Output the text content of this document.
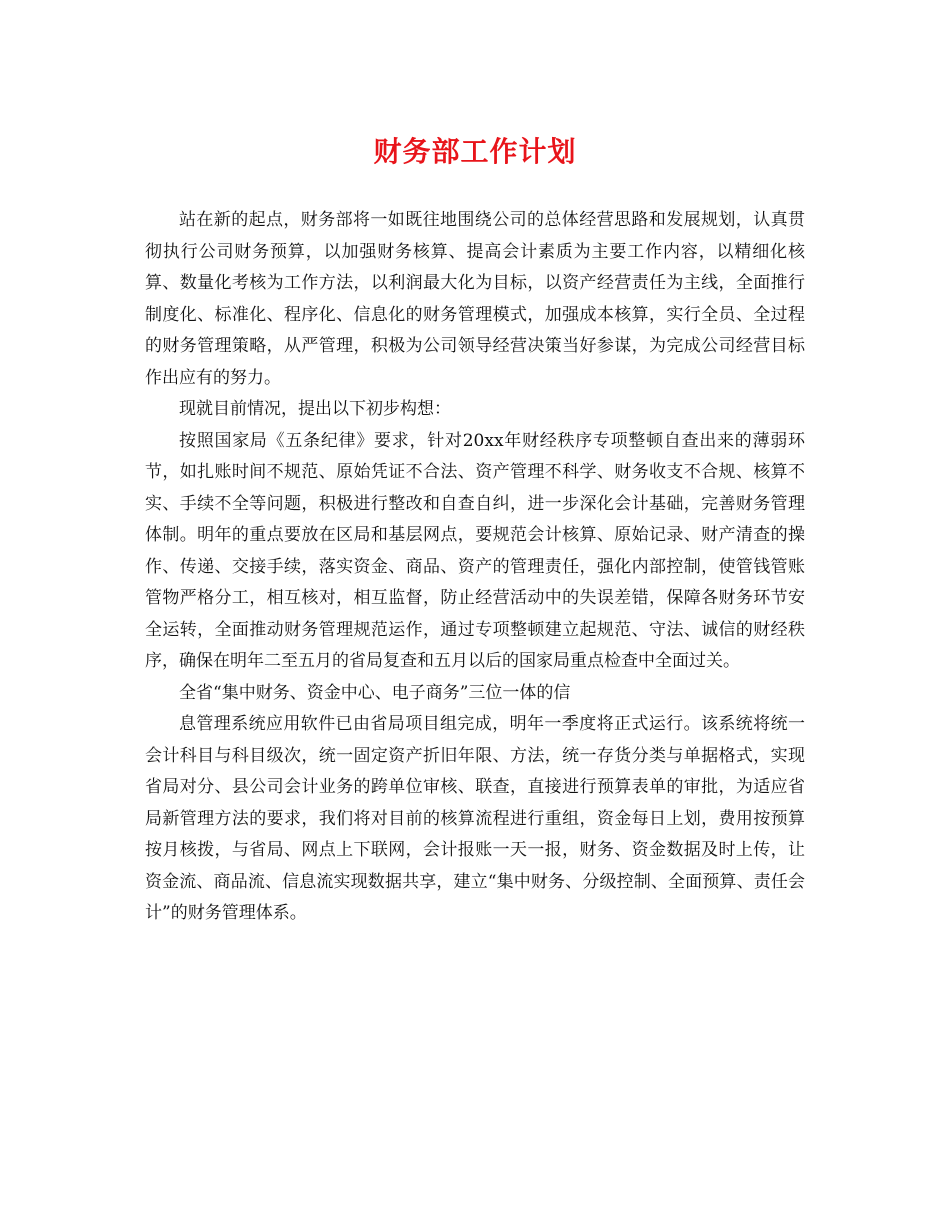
财务部工作计划

站在新的起点，财务部将一如既往地围绕公司的总体经营思路和发展规划，认真贯彻执行公司财务预算，以加强财务核算、提高会计素质为主要工作内容，以精细化核算、数量化考核为工作方法，以利润最大化为目标，以资产经营责任为主线，全面推行制度化、标准化、程序化、信息化的财务管理模式，加强成本核算，实行全员、全过程的财务管理策略，从严管理，积极为公司领导经营决策当好参谋，为完成公司经营目标作出应有的努力。

现就目前情况，提出以下初步构想：

按照国家局《五条纪律》要求，针对20xx年财经秩序专项整顿自查出来的薄弱环节，如扎账时间不规范、原始凭证不合法、资产管理不科学、财务收支不合规、核算不实、手续不全等问题，积极进行整改和自查自纠，进一步深化会计基础，完善财务管理体制。明年的重点要放在区局和基层网点，要规范会计核算、原始记录、财产清查的操作、传递、交接手续，落实资金、商品、资产的管理责任，强化内部控制，使管钱管账管物严格分工，相互核对，相互监督，防止经营活动中的失误差错，保障各财务环节安全运转，全面推动财务管理规范运作，通过专项整顿建立起规范、守法、诚信的财经秩序，确保在明年二至五月的省局复查和五月以后的国家局重点检查中全面过关。

全省“集中财务、资金中心、电子商务”三位一体的信

息管理系统应用软件已由省局项目组完成，明年一季度将正式运行。该系统将统一会计科目与科目级次，统一固定资产折旧年限、方法，统一存货分类与单据格式，实现省局对分、县公司会计业务的跨单位审核、联查，直接进行预算表单的审批，为适应省局新管理方法的要求，我们将对目前的核算流程进行重组，资金每日上划，费用按预算按月核拨，与省局、网点上下联网，会计报账一天一报，财务、资金数据及时上传，让资金流、商品流、信息流实现数据共享，建立“集中财务、分级控制、全面预算、责任会计”的财务管理体系。
